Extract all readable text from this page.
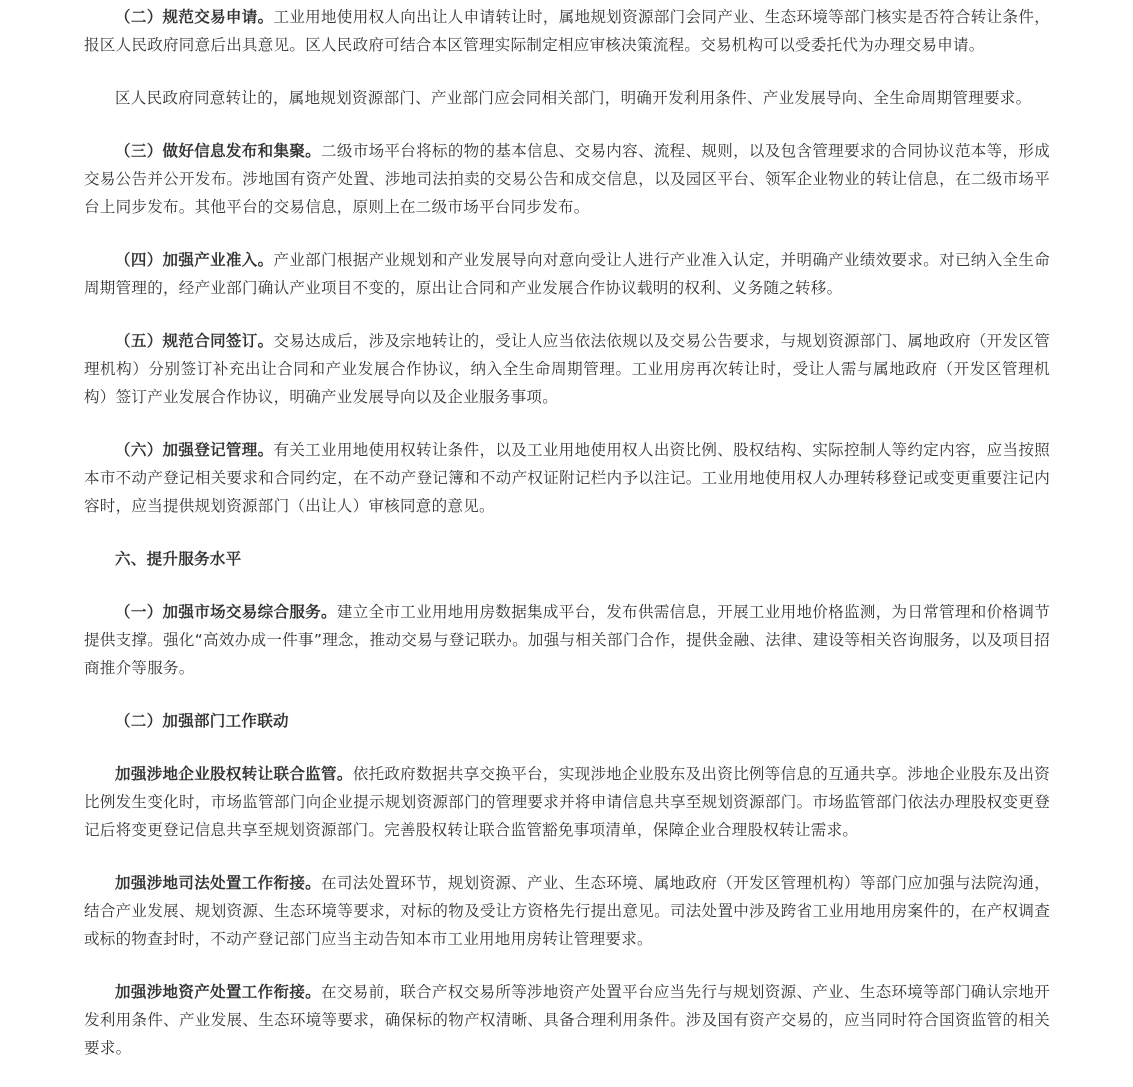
（二）规范交易申请。工业用地使用权人向出让人申请转让时，属地规划资源部门会同产业、生态环境等部门核实是否符合转让条件，报区人民政府同意后出具意见。区人民政府可结合本区管理实际制定相应审核决策流程。交易机构可以受委托代为办理交易申请。

区人民政府同意转让的，属地规划资源部门、产业部门应会同相关部门，明确开发利用条件、产业发展导向、全生命周期管理要求。

（三）做好信息发布和集聚。二级市场平台将标的物的基本信息、交易内容、流程、规则，以及包含管理要求的合同协议范本等，形成交易公告并公开发布。涉地国有资产处置、涉地司法拍卖的交易公告和成交信息，以及园区平台、领军企业物业的转让信息，在二级市场平台上同步发布。其他平台的交易信息，原则上在二级市场平台同步发布。

（四）加强产业准入。产业部门根据产业规划和产业发展导向对意向受让人进行产业准入认定，并明确产业绩效要求。对已纳入全生命周期管理的，经产业部门确认产业项目不变的，原出让合同和产业发展合作协议载明的权利、义务随之转移。

（五）规范合同签订。交易达成后，涉及宗地转让的，受让人应当依法依规以及交易公告要求，与规划资源部门、属地政府（开发区管理机构）分别签订补充出让合同和产业发展合作协议，纳入全生命周期管理。工业用房再次转让时，受让人需与属地政府（开发区管理机构）签订产业发展合作协议，明确产业发展导向以及企业服务事项。

（六）加强登记管理。有关工业用地使用权转让条件，以及工业用地使用权人出资比例、股权结构、实际控制人等约定内容，应当按照本市不动产登记相关要求和合同约定，在不动产登记簿和不动产权证附记栏内予以注记。工业用地使用权人办理转移登记或变更重要注记内容时，应当提供规划资源部门（出让人）审核同意的意见。

六、提升服务水平

（一）加强市场交易综合服务。建立全市工业用地用房数据集成平台，发布供需信息，开展工业用地价格监测，为日常管理和价格调节提供支撑。强化“高效办成一件事”理念，推动交易与登记联办。加强与相关部门合作，提供金融、法律、建设等相关咨询服务，以及项目招商推介等服务。

（二）加强部门工作联动

加强涉地企业股权转让联合监管。依托政府数据共享交换平台，实现涉地企业股东及出资比例等信息的互通共享。涉地企业股东及出资比例发生变化时，市场监管部门向企业提示规划资源部门的管理要求并将申请信息共享至规划资源部门。市场监管部门依法办理股权变更登记后将变更登记信息共享至规划资源部门。完善股权转让联合监管豁免事项清单，保障企业合理股权转让需求。

加强涉地司法处置工作衔接。在司法处置环节，规划资源、产业、生态环境、属地政府（开发区管理机构）等部门应加强与法院沟通，结合产业发展、规划资源、生态环境等要求，对标的物及受让方资格先行提出意见。司法处置中涉及跨省工业用地用房案件的，在产权调查或标的物查封时，不动产登记部门应当主动告知本市工业用地用房转让管理要求。

加强涉地资产处置工作衔接。在交易前，联合产权交易所等涉地资产处置平台应当先行与规划资源、产业、生态环境等部门确认宗地开发利用条件、产业发展、生态环境等要求，确保标的物产权清晰、具备合理利用条件。涉及国有资产交易的，应当同时符合国资监管的相关要求。
